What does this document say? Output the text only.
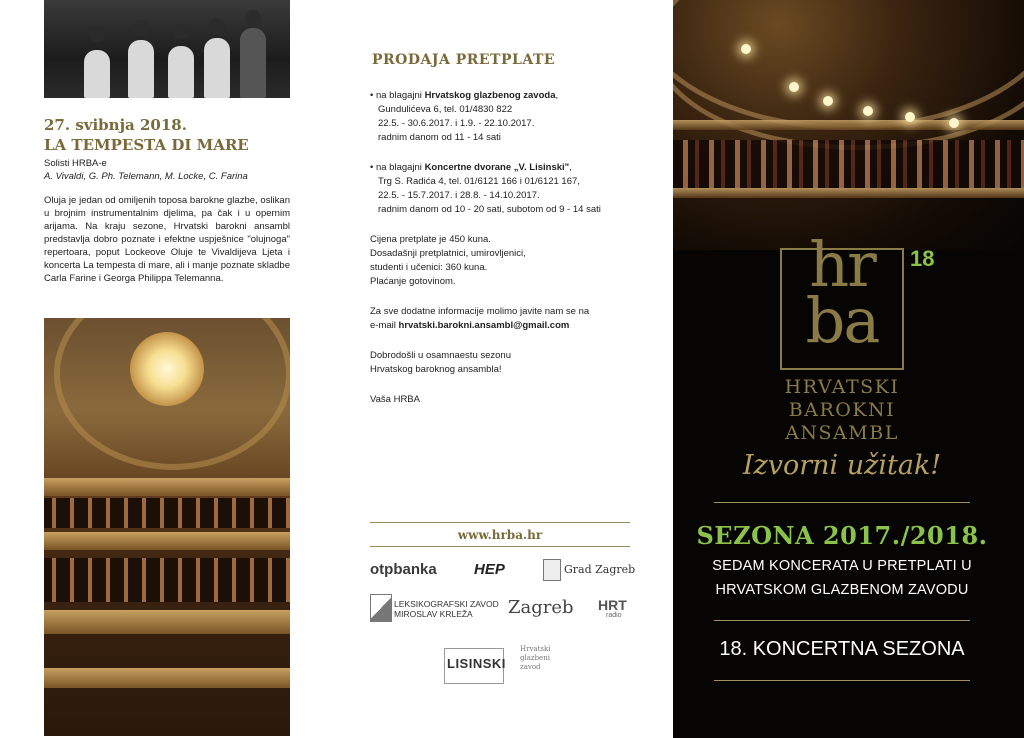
27. svibnja 2018.
LA TEMPESTA DI MARE
Solisti HRBA-e
A. Vivaldi, G. Ph. Telemann, M. Locke, C. Farina

Oluja je jedan od omiljenih toposa barokne glazbe, oslikan u brojnim instrumentalnim djelima, pa čak i u opernim arijama. Na kraju sezone, Hrvatski barokni ansambl predstavlja dobro poznate i efektne uspješnice "olujnoga" repertoara, poput Lockeove Oluje te Vivaldijeva Ljeta i koncerta La tempesta di mare, ali i manje poznate skladbe Carla Farine i Georga Philippa Telemanna.

PRODAJA PRETPLATE

• na blagajni Hrvatskog glazbenog zavoda,

Gundulićeva 6, tel. 01/4830 822

22.5. - 30.6.2017. i 1.9. - 22.10.2017.

radnim danom od 11 - 14 sati

• na blagajni Koncertne dvorane „V. Lisinski",

Trg S. Radića 4, tel. 01/6121 166 i 01/6121 167,

22.5. - 15.7.2017. i 28.8. - 14.10.2017.

radnim danom od 10 - 20 sati, subotom od 9 - 14 sati

Cijena pretplate je 450 kuna.

Dosadašnji pretplatnici, umirovljenici,

studenti i učenici: 360 kuna.

Plaćanje gotovinom.

Za sve dodatne informacije molimo javite nam se na

e-mail hrvatski.barokni.ansambl@gmail.com

Dobrodošli u osamnaestu sezonu

Hrvatskog baroknog ansambla!

Vaša HRBA

www.hrba.hr
otpbanka HEP	Grad Zagreb
LEKSIKOGRAFSKI ZAVOD
MIROSLAV KRLEŽA	Zagreb HRT
radio
LISINSKI
Hrvatski glazbeni zavod
hr
ba
18
HRVATSKI
BAROKNI
ANSAMBL
Izvorni užitak!
SEZONA 2017./2018.
SEDAM KONCERATA U PRETPLATI U
HRVATSKOM GLAZBENOM ZAVODU
18. KONCERTNA SEZONA
